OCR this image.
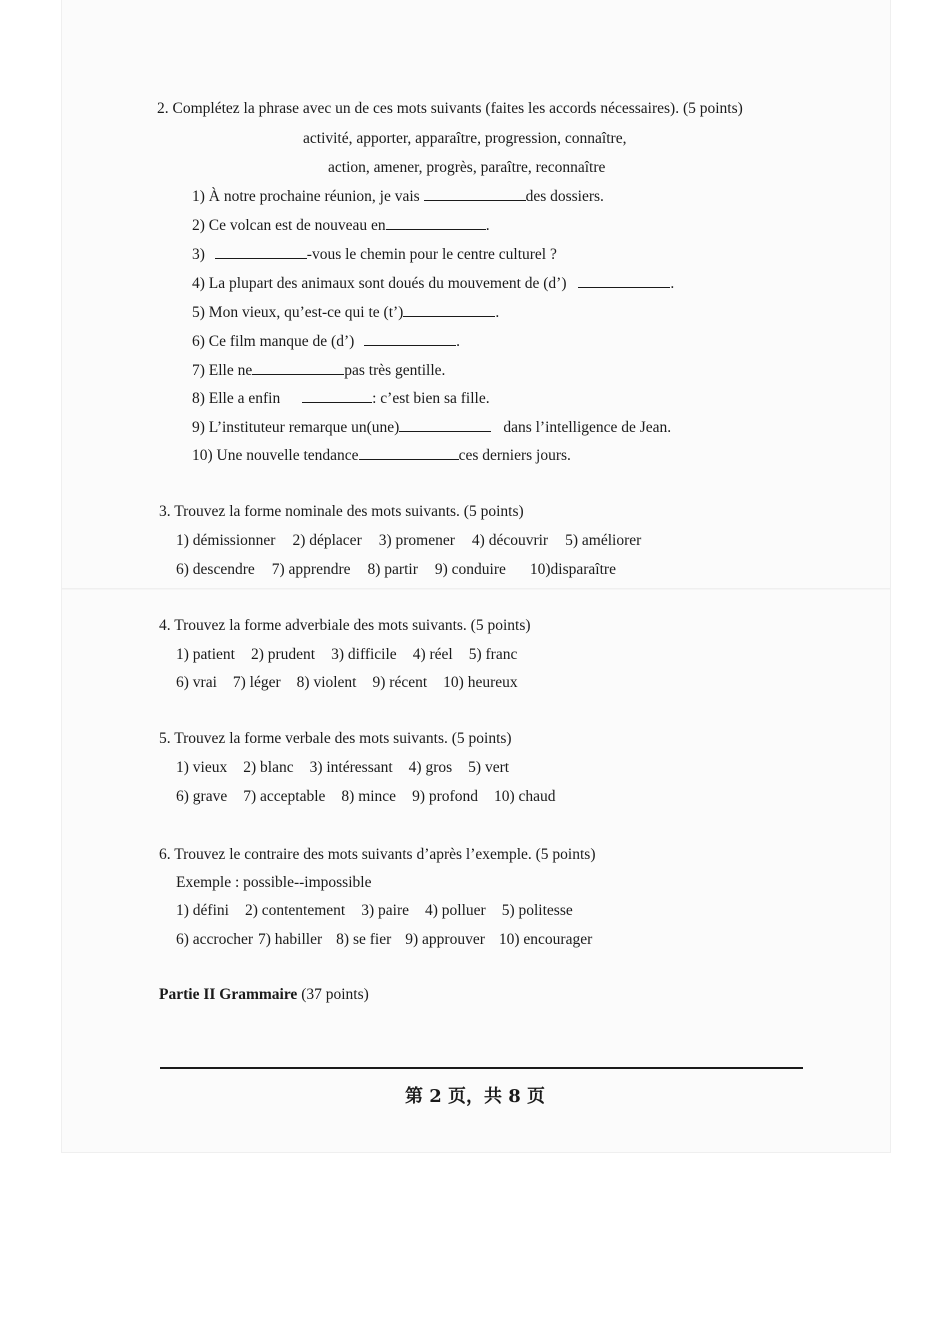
2. Complétez la phrase avec un de ces mots suivants (faites les accords nécessaires). (5 points)
activité, apporter, apparaître, progression, connaître,
action, amener, progrès, paraître, reconnaître
1) À notre prochaine réunion, je vais	des dossiers.
2) Ce volcan est de nouveau en	.
3)	-vous le chemin pour le centre culturel ?
4) La plupart des animaux sont doués du mouvement de (d’)	.
5) Mon vieux, qu’est-ce qui te (t’)	.
6) Ce film manque de (d’)	.
7) Elle ne	pas très gentille.
8) Elle a enfin	: c’est bien sa fille.
9) L’instituteur remarque un(une)	dans l’intelligence de Jean.
10) Une nouvelle tendance	ces derniers jours.
3. Trouvez la forme nominale des mots suivants. (5 points)
1) démissionner 2) déplacer 3) promener 4) découvrir 5) améliorer
6) descendre 7) apprendre 8) partir 9) conduire 10)disparaître
4. Trouvez la forme adverbiale des mots suivants. (5 points)
1) patient 2) prudent 3) difficile 4) réel 5) franc
6) vrai 7) léger 8) violent 9) récent 10) heureux
5. Trouvez la forme verbale des mots suivants. (5 points)
1) vieux 2) blanc 3) intéressant 4) gros 5) vert
6) grave 7) acceptable 8) mince 9) profond 10) chaud
6. Trouvez le contraire des mots suivants d’après l’exemple. (5 points)
Exemple : possible--impossible
1) défini 2) contentement 3) paire 4) polluer 5) politesse
6) accrocher 7) habiller 8) se fier 9) approuver 10) encourager
Partie II Grammaire (37 points)
第 2 页，共 8 页
